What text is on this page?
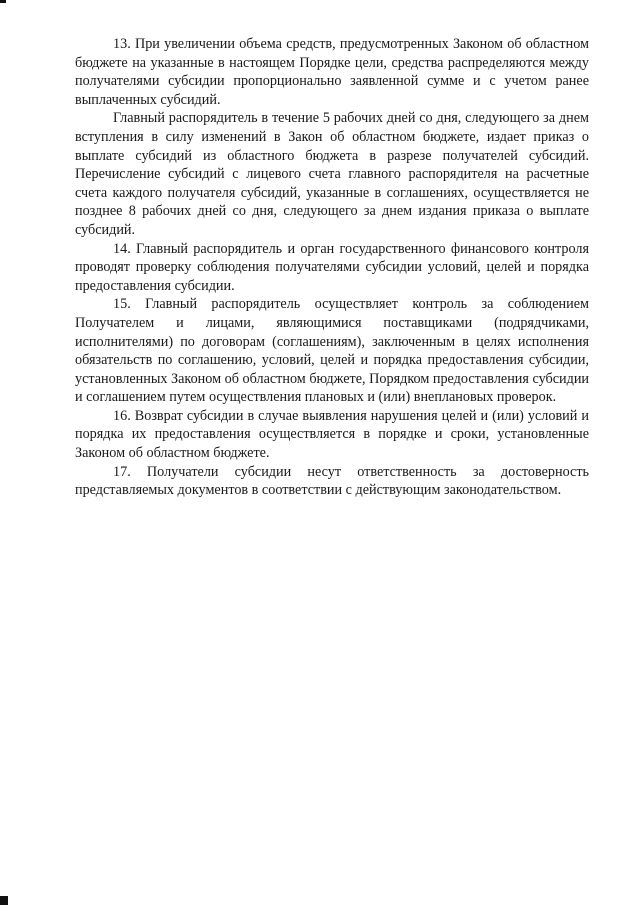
13. При увеличении объема средств, предусмотренных Законом об областном бюджете на указанные в настоящем Порядке цели, средства распределяются между получателями субсидии пропорционально заявленной сумме и с учетом ранее выплаченных субсидий.

Главный распорядитель в течение 5 рабочих дней со дня, следующего за днем вступления в силу изменений в Закон об областном бюджете, издает приказ о выплате субсидий из областного бюджета в разрезе получателей субсидий. Перечисление субсидий с лицевого счета главного распорядителя на расчетные счета каждого получателя субсидий, указанные в соглашениях, осуществляется не позднее 8 рабочих дней со дня, следующего за днем издания приказа о выплате субсидий.

14. Главный распорядитель и орган государственного финансового контроля проводят проверку соблюдения получателями субсидии условий, целей и порядка предоставления субсидии.

15. Главный распорядитель осуществляет контроль за соблюдением Получателем и лицами, являющимися поставщиками (подрядчиками, исполнителями) по договорам (соглашениям), заключенным в целях исполнения обязательств по соглашению, условий, целей и порядка предоставления субсидии, установленных Законом об областном бюджете, Порядком предоставления субсидии и соглашением путем осуществления плановых и (или) внеплановых проверок.

16. Возврат субсидии в случае выявления нарушения целей и (или) условий и порядка их предоставления осуществляется в порядке и сроки, установленные Законом об областном бюджете.

17. Получатели субсидии несут ответственность за достоверность представляемых документов в соответствии с действующим законодательством.
